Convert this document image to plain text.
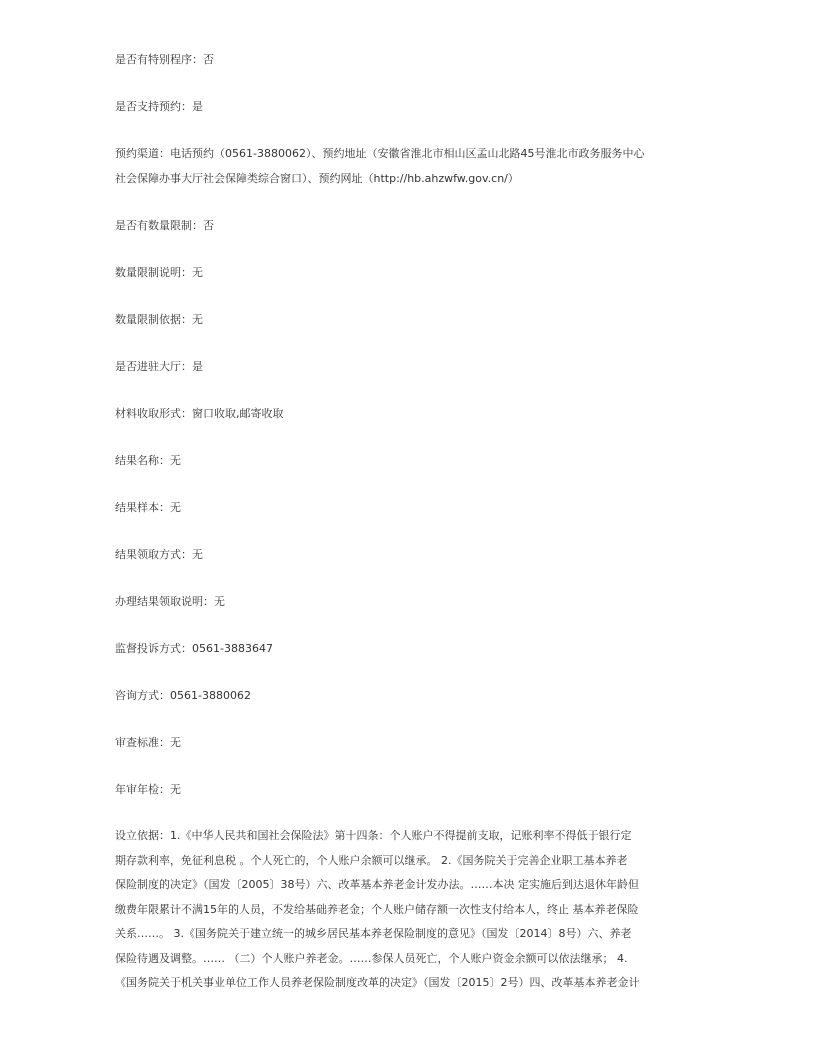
是否有特别程序：否
是否支持预约：是
预约渠道：电话预约（0561-3880062）、预约地址（安徽省淮北市相山区孟山北路45号淮北市政务服务中心
社会保障办事大厅社会保障类综合窗口）、预约网址（http://hb.ahzwfw.gov.cn/）
是否有数量限制：否
数量限制说明：无
数量限制依据：无
是否进驻大厅：是
材料收取形式：窗口收取,邮寄收取
结果名称：无
结果样本：无
结果领取方式：无
办理结果领取说明：无
监督投诉方式：0561-3883647
咨询方式：0561-3880062
审查标准：无
年审年检：无
设立依据：1.《中华人民共和国社会保险法》第十四条：个人账户不得提前支取，记账利率不得低于银行定
期存款利率，免征利息税 。个人死亡的，个人账户余额可以继承。 2.《国务院关于完善企业职工基本养老
保险制度的决定》（国发〔2005〕38号）六、改革基本养老金计发办法。……本决 定实施后到达退休年龄但
缴费年限累计不满15年的人员，不发给基础养老金；个人账户储存额一次性支付给本人，终止 基本养老保险
关系……。 3.《国务院关于建立统一的城乡居民基本养老保险制度的意见》（国发〔2014〕8号）六、养老
保险待遇及调整。…… （二）个人账户养老金。……参保人员死亡，个人账户资金余额可以依法继承； 4.
《国务院关于机关事业单位工作人员养老保险制度改革的决定》（国发〔2015〕2号）四、改革基本养老金计
